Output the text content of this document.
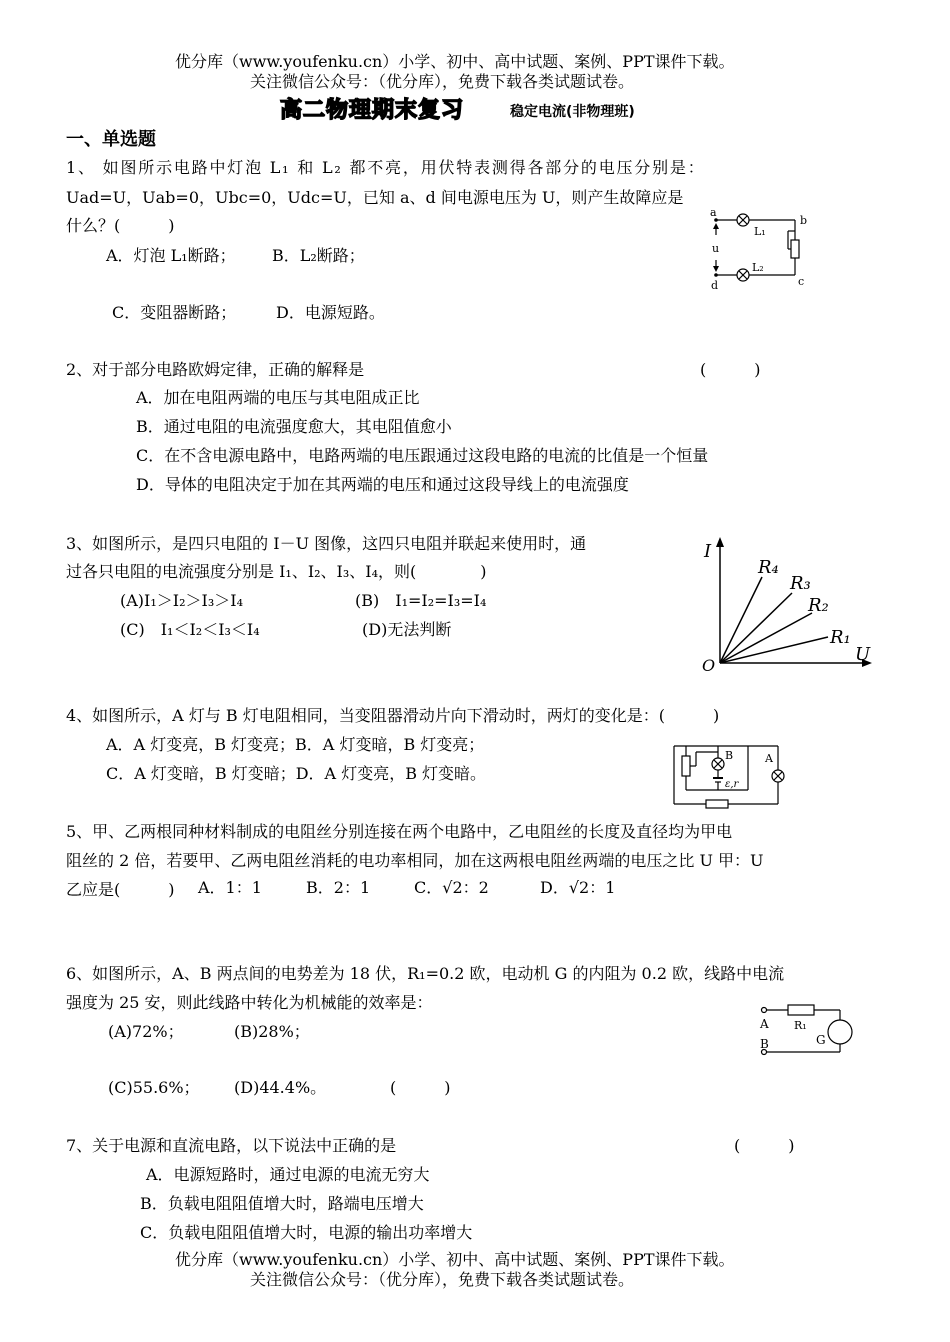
优分库（www.youfenku.cn）小学、初中、高中试题、案例、PPT课件下载。
关注微信公众号：（优分库），免费下载各类试题试卷。
高二物理期末复习	稳定电流(非物理班)
一、单选题
1、 如图所示电路中灯泡 L₁ 和 L₂ 都不亮，用伏特表测得各部分的电压分别是：
Uad=U，Uab=0，Ubc=0，Udc=U，已知 a、d 间电源电压为 U，则产生故障应是
什么？(　　　)
A．灯泡 L₁断路； B．L₂断路；
C．变阻器断路； D．电源短路。
a
b
c
d
u
L₁
L₂
2、对于部分电路欧姆定律，正确的解释是	(　　　)
A．加在电阻两端的电压与其电阻成正比
B．通过电阻的电流强度愈大，其电阻值愈小
C．在不含电源电路中，电路两端的电压跟通过这段电路的电流的比值是一个恒量
D．导体的电阻决定于加在其两端的电压和通过这段导线上的电流强度
3、如图所示，是四只电阻的 I－U 图像，这四只电阻并联起来使用时，通
过各只电阻的电流强度分别是 I₁、I₂、I₃、I₄，则(　　　　)
(A)I₁＞I₂＞I₃＞I₄	(B)　I₁=I₂=I₃=I₄
(C)　I₁＜I₂＜I₃＜I₄	(D)无法判断
I
U
O
R₄
R₃
R₂
R₁
4、如图所示，A 灯与 B 灯电阻相同，当变阻器滑动片向下滑动时，两灯的变化是：(　　　)
A．A 灯变亮，B 灯变亮；B．A 灯变暗，B 灯变亮；
C．A 灯变暗，B 灯变暗；D．A 灯变亮，B 灯变暗。
B	A
ε,r
5、甲、乙两根同种材料制成的电阻丝分别连接在两个电路中，乙电阻丝的长度及直径均为甲电
阻丝的 2 倍，若要甲、乙两电阻丝消耗的电功率相同，加在这两根电阻丝两端的电压之比 U 甲：U
乙应是(　　　) A．1：1	B．2：1	C．√2：2	D．√2：1
6、如图所示，A、B 两点间的电势差为 18 伏，R₁=0.2 欧，电动机 G 的内阻为 0.2 欧，线路中电流
强度为 25 安，则此线路中转化为机械能的效率是：
(A)72%；	(B)28%；
(C)55.6%； (D)44.4%。	(　　　)
A
B
R₁
G
7、关于电源和直流电路，以下说法中正确的是	(　　　)
A．电源短路时，通过电源的电流无穷大
B．负载电阻阻值增大时，路端电压增大
C．负载电阻阻值增大时，电源的输出功率增大
优分库（www.youfenku.cn）小学、初中、高中试题、案例、PPT课件下载。
关注微信公众号：（优分库），免费下载各类试题试卷。
